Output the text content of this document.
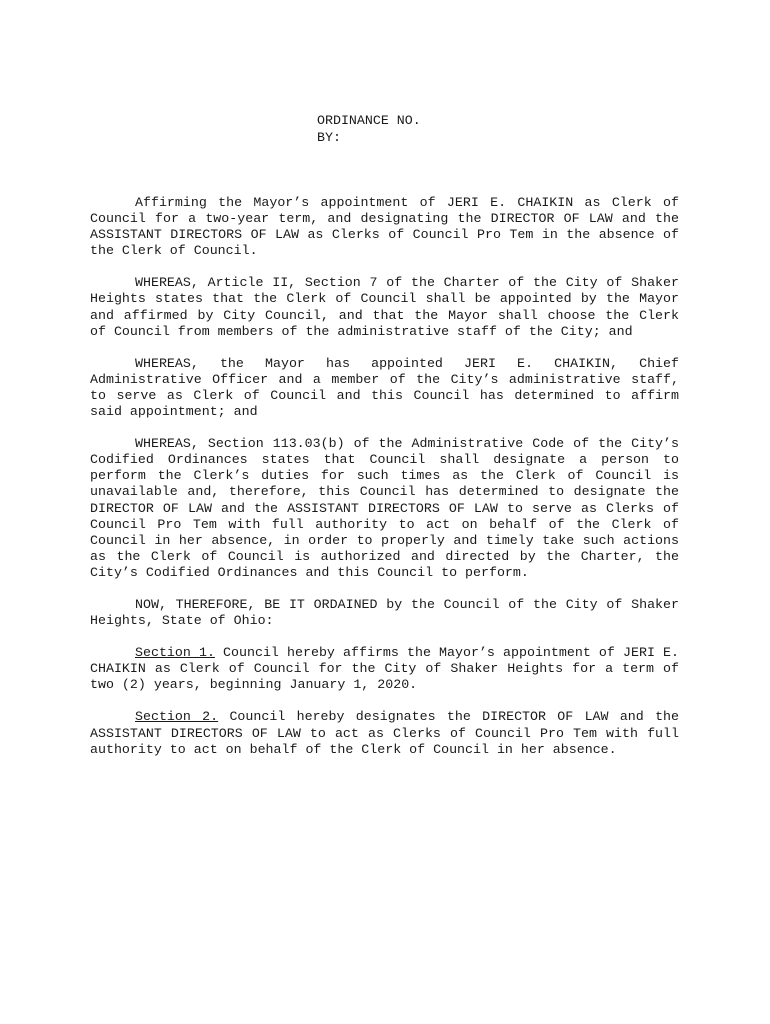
ORDINANCE NO.
BY:

Affirming the Mayor’s appointment of JERI E. CHAIKIN as Clerk of Council for a two-year term, and designating the DIRECTOR OF LAW and the ASSISTANT DIRECTORS OF LAW as Clerks of Council Pro Tem in the absence of the Clerk of Council.

WHEREAS, Article II, Section 7 of the Charter of the City of Shaker Heights states that the Clerk of Council shall be appointed by the Mayor and affirmed by City Council, and that the Mayor shall choose the Clerk of Council from members of the administrative staff of the City; and

WHEREAS, the Mayor has appointed JERI E. CHAIKIN, Chief Administrative Officer and a member of the City’s administrative staff, to serve as Clerk of Council and this Council has determined to affirm said appointment; and

WHEREAS, Section 113.03(b) of the Administrative Code of the City’s Codified Ordinances states that Council shall designate a person to perform the Clerk’s duties for such times as the Clerk of Council is unavailable and, therefore, this Council has determined to designate the DIRECTOR OF LAW and the ASSISTANT DIRECTORS OF LAW to serve as Clerks of Council Pro Tem with full authority to act on behalf of the Clerk of Council in her absence, in order to properly and timely take such actions as the Clerk of Council is authorized and directed by the Charter, the City’s Codified Ordinances and this Council to perform.

NOW, THEREFORE, BE IT ORDAINED by the Council of the City of Shaker Heights, State of Ohio:

Section 1. Council hereby affirms the Mayor’s appointment of JERI E. CHAIKIN as Clerk of Council for the City of Shaker Heights for a term of two (2) years, beginning January 1, 2020.

Section 2. Council hereby designates the DIRECTOR OF LAW and the ASSISTANT DIRECTORS OF LAW to act as Clerks of Council Pro Tem with full authority to act on behalf of the Clerk of Council in her absence.
